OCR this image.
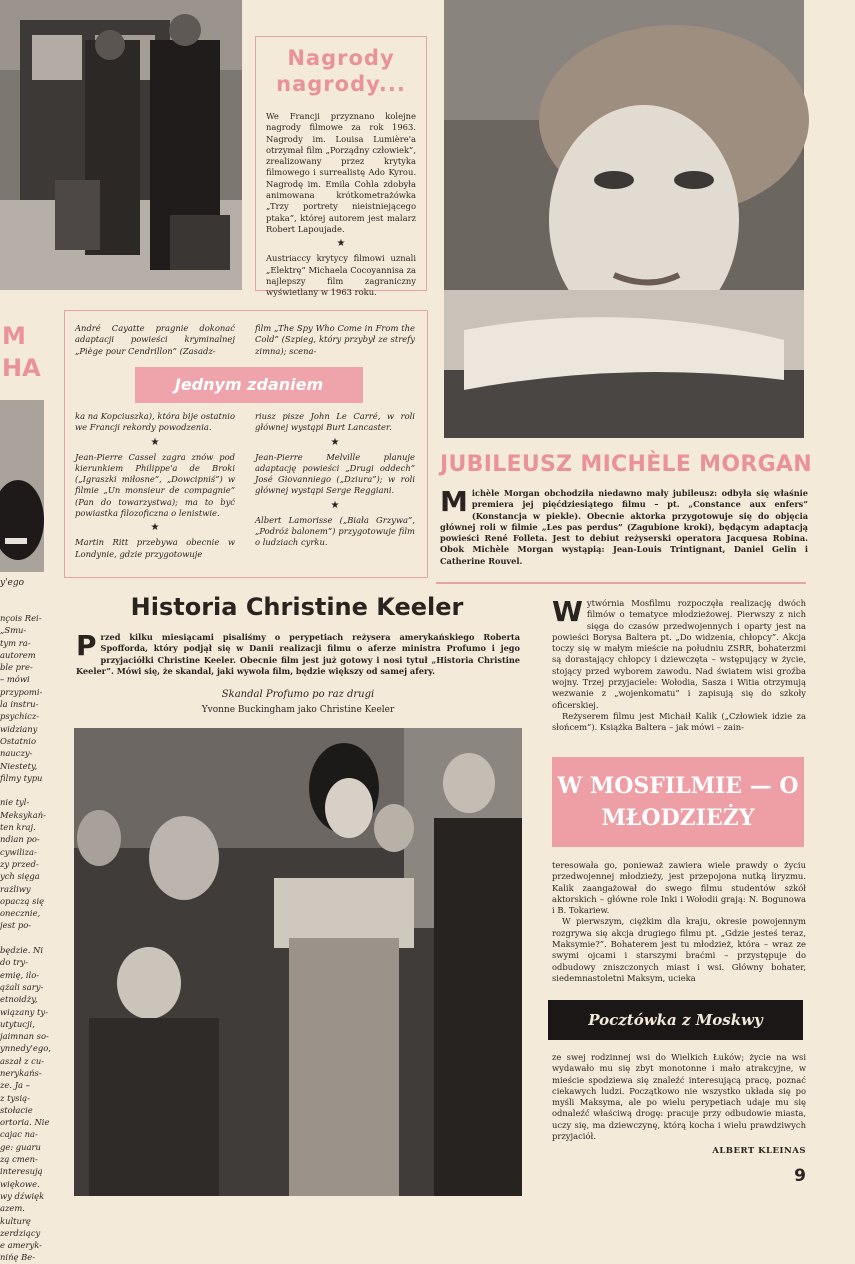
Nagrody nagrody...

We Francji przyznano kolejne nagrody filmowe za rok 1963. Nagrody im. Louisa Lumière'a otrzymał film „Porządny człowiek”, zrealizowany przez krytyka filmowego i surrealistę Ado Kyrou. Nagrodę im. Emila Cohla zdobyła animowana krótkometrażówka „Trzy portrety nieistniejącego ptaka”, której autorem jest malarz Robert Lapoujade.

★

Austriaccy krytycy filmowi uznali „Elektrę” Michaela Cocoyannisa za najlepszy film zagraniczny wyświetlany w 1963 roku.

M
HA
y'ego

nçois Rei-

„Smu-

tym ra-

autorem

ble pre-

– mówi

przypomi-

la instru-

psychicz-

widziany

Ostatnio

nauczy-

Niestety,

filmy typu

nie tyl-

Meksykań-

ten kraj.

ndian po-

cywiliza-

zy przed-

ych sięga

rażliwy

opaczą się

onecznie,

jest po-

będzie. Ni

do try-

emię, ilo-

ążali sary-

etnoidży,

wiązany ty-

utytucji,

jaimnan so-

ynnedy'ego,

aszał z cu-

nerykańs-

ze. Ja –

z tysią-

stołacie

ortoria. Nie

cajac na-

ge: guaru

zą cmen-

interesują

więkowe.

wy dźwięk

azem.

kulturę

zerdziący

e ameryk-

nińę Be-

André Cayatte pragnie dokonać adaptacji powieści kryminalnej „Piège pour Cendrillon” (Zasadz-

film „The Spy Who Come in From the Cold” (Szpieg, który przybył ze strefy zimna); scena-

Jednym zdaniem

ka na Kopciuszka), która bije ostatnio we Francji rekordy powodzenia.

★

Jean-Pierre Cassel zagra znów pod kierunkiem Philippe'a de Broki („Igraszki miłosne”, „Dowcipniś”) w filmie „Un monsieur de compagnie” (Pan do towarzystwa); ma to być powiastka filozoficzna o lenistwie.

★

Martin Ritt przebywa obecnie w Londynie, gdzie przygotowuje

riusz pisze John Le Carré, w roli głównej wystąpi Burt Lancaster.

★

Jean-Pierre Melville planuje adaptację powieści „Drugi oddech” José Giovanniego („Dziura”); w roli głównej wystąpi Serge Reggiani.

★

Albert Lamorisse („Biała Grzywa”, „Podróż balonem”) przygotowuje film o ludziach cyrku.

JUBILEUSZ MICHÈLE MORGAN
M ichèle Morgan obchodziła niedawno mały jubileusz: odbyła się właśnie premiera jej pięćdziesiątego filmu – pt. „Constance aux enfers” (Konstancja w piekle). Obecnie aktorka przygotowuje się do objęcia głównej roli w filmie „Les pas perdus” (Zagubione kroki), będącym adaptacją powieści René Folleta. Jest to debiut reżyserski operatora Jacquesa Robina. Obok Michèle Morgan wystąpią: Jean-Louis Trintignant, Daniel Gelin i Catherine Rouvel.

Historia Christine Keeler
P rzed kilku miesiącami pisaliśmy o perypetiach reżysera amerykańskiego Roberta Spofforda, który podjął się w Danii realizacji filmu o aferze ministra Profumo i jego przyjaciółki Christine Keeler. Obecnie film jest już gotowy i nosi tytuł „Historia Christine Keeler”. Mówi się, że skandal, jaki wywoła film, będzie większy od samej afery.

Skandal Profumo po raz drugi
Yvonne Buckingham jako Christine Keeler
W ytwórnia Mosfilmu rozpoczęła realizację dwóch filmów o tematyce młodzieżowej. Pierwszy z nich sięga do czasów przedwojennych i oparty jest na powieści Borysa Baltera pt. „Do widzenia, chłopcy”. Akcja toczy się w małym mieście na południu ZSRR, bohaterzmi są dorastający chłopcy i dziewczęta – wstępujący w życie, stojący przed wyborem zawodu. Nad światem wisi groźba wojny. Trzej przyjaciele: Wołodia, Sasza i Witia otrzymują wezwanie z „wojenkomatu” i zapisują się do szkoły oficerskiej.

Reżyserem filmu jest Michaił Kalik („Człowiek idzie za słońcem”). Książka Baltera – jak mówi – zain-

W MOSFILMIE — O MŁODZIEŻY

teresowała go, ponieważ zawiera wiele prawdy o życiu przedwojennej młodzieży, jest przepojona nutką liryzmu. Kalik zaangażował do swego filmu studentów szkół aktorskich – główne role Inki i Wołodii grają: N. Bogunowa i B. Tokariew.

W pierwszym, ciężkim dla kraju, okresie powojennym rozgrywa się akcja drugiego filmu pt. „Gdzie jesteś teraz, Maksymie?”. Bohaterem jest tu młodzież, która – wraz ze swymi ojcami i starszymi braćmi – przystępuje do odbudowy zniszczonych miast i wsi. Główny bohater, siedemnastoletni Maksym, ucieka

Pocztówka z Moskwy

ze swej rodzinnej wsi do Wielkich Łuków; życie na wsi wydawało mu się zbyt monotonne i mało atrakcyjne, w mieście spodziewa się znaleźć interesującą pracę, poznać ciekawych ludzi. Początkowo nie wszystko układa się po myśli Maksyma, ale po wielu perypetiach udaje mu się odnaleźć właściwą drogę: pracuje przy odbudowie miasta, uczy się, ma dziewczynę, którą kocha i wielu prawdziwych przyjaciół.

ALBERT KLEINAS
9
